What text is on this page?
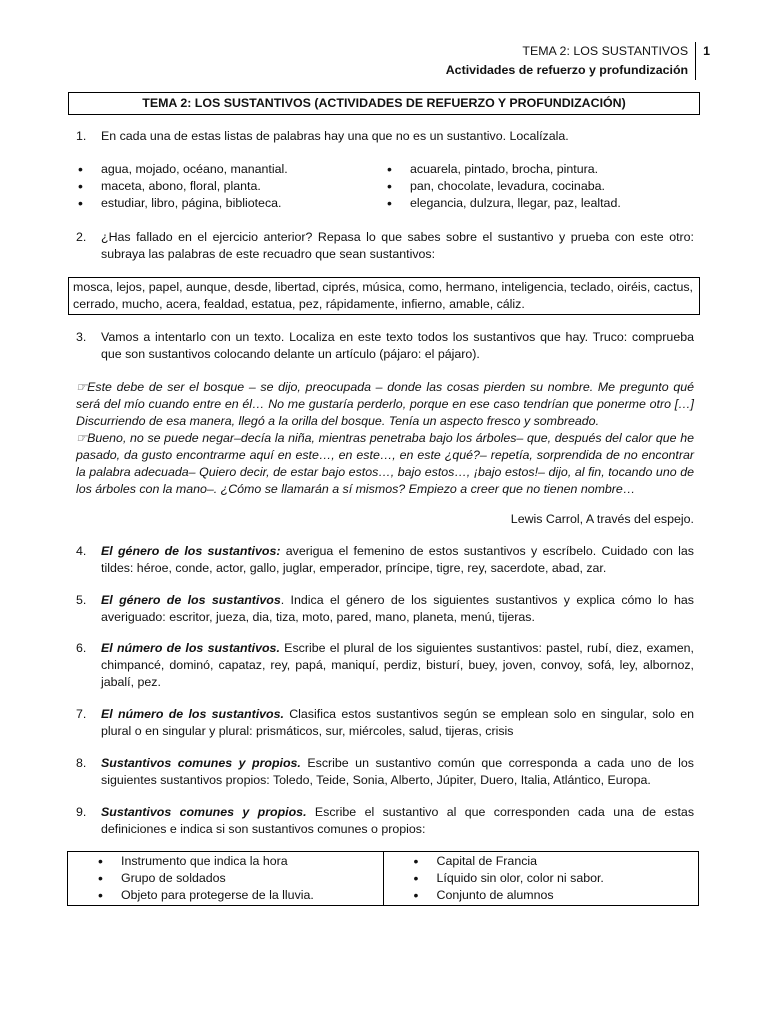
TEMA 2: LOS SUSTANTIVOS
Actividades de refuerzo y profundización
1
TEMA 2: LOS SUSTANTIVOS (ACTIVIDADES DE REFUERZO Y PROFUNDIZACIÓN)
1. En cada una de estas listas de palabras hay una que no es un sustantivo. Localízala.
• agua, mojado, océano, manantial.
• maceta, abono, floral, planta.
• estudiar, libro, página, biblioteca.
• acuarela, pintado, brocha, pintura.
• pan, chocolate, levadura, cocinaba.
• elegancia, dulzura, llegar, paz, lealtad.
2. ¿Has fallado en el ejercicio anterior? Repasa lo que sabes sobre el sustantivo y prueba con este otro: subraya las palabras de este recuadro que sean sustantivos:
mosca, lejos, papel, aunque, desde, libertad, ciprés, música, como, hermano, inteligencia, teclado, oiréis, cactus, cerrado, mucho, acera, fealdad, estatua, pez, rápidamente, infierno, amable, cáliz.
3. Vamos a intentarlo con un texto. Localiza en este texto todos los sustantivos que hay. Truco: comprueba que son sustantivos colocando delante un artículo (pájaro: el pájaro).
☞Este debe de ser el bosque – se dijo, preocupada – donde las cosas pierden su nombre. Me pregunto qué será del mío cuando entre en él… No me gustaría perderlo, porque en ese caso tendrían que ponerme otro […] Discurriendo de esa manera, llegó a la orilla del bosque. Tenía un aspecto fresco y sombreado.
☞Bueno, no se puede negar–decía la niña, mientras penetraba bajo los árboles– que, después del calor que he pasado, da gusto encontrarme aquí en este…, en este…, en este ¿qué?– repetía, sorprendida de no encontrar la palabra adecuada– Quiero decir, de estar bajo estos…, bajo estos…, ¡bajo estos!– dijo, al fin, tocando uno de los árboles con la mano–. ¿Cómo se llamarán a sí mismos? Empiezo a creer que no tienen nombre…
Lewis Carrol, A través del espejo.
4. El género de los sustantivos: averigua el femenino de estos sustantivos y escríbelo. Cuidado con las tildes: héroe, conde, actor, gallo, juglar, emperador, príncipe, tigre, rey, sacerdote, abad, zar.
5. El género de los sustantivos. Indica el género de los siguientes sustantivos y explica cómo lo has averiguado: escritor, jueza, dia, tiza, moto, pared, mano, planeta, menú, tijeras.
6. El número de los sustantivos. Escribe el plural de los siguientes sustantivos: pastel, rubí, diez, examen, chimpancé, dominó, capataz, rey, papá, maniquí, perdiz, bisturí, buey, joven, convoy, sofá, ley, albornoz, jabalí, pez.
7. El número de los sustantivos. Clasifica estos sustantivos según se emplean solo en singular, solo en plural o en singular y plural: prismáticos, sur, miércoles, salud, tijeras, crisis
8. Sustantivos comunes y propios. Escribe un sustantivo común que corresponda a cada uno de los siguientes sustantivos propios: Toledo, Teide, Sonia, Alberto, Júpiter, Duero, Italia, Atlántico, Europa.
9. Sustantivos comunes y propios. Escribe el sustantivo al que corresponden cada una de estas definiciones e indica si son sustantivos comunes o propios:
• Instrumento que indica la hora
• Grupo de soldados
• Objeto para protegerse de la lluvia.

• Capital de Francia
• Líquido sin olor, color ni sabor.
• Conjunto de alumnos
